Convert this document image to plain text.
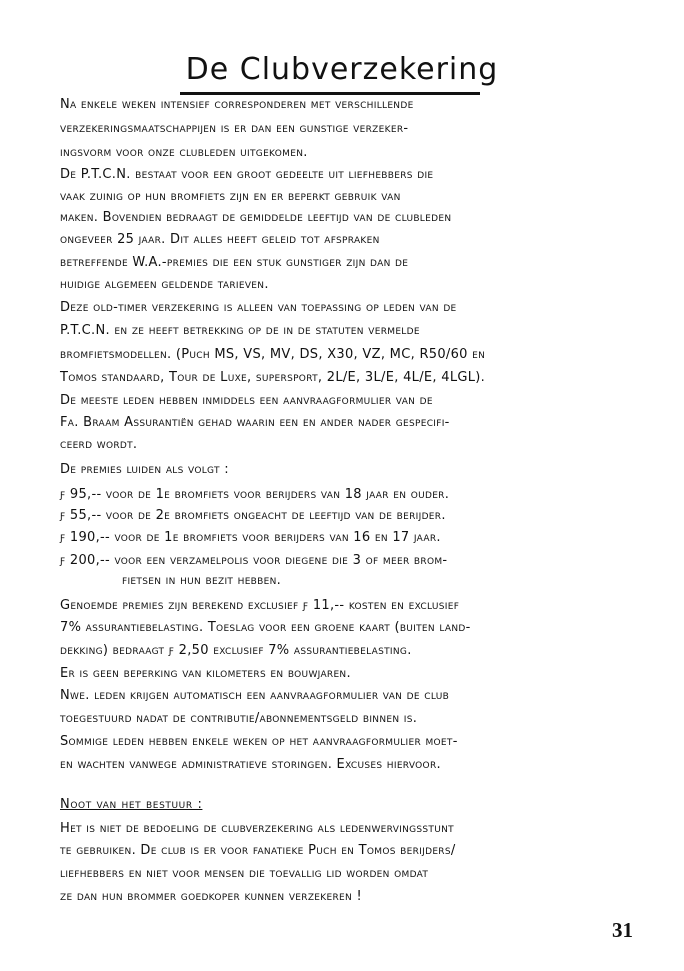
De Clubverzekering
Na enkele weken intensief corresponderen met verschillende
verzekeringsmaatschappijen is er dan een gunstige verzeker-
ingsvorm voor onze clubleden uitgekomen.
De P.T.C.N. bestaat voor een groot gedeelte uit liefhebbers die
vaak zuinig op hun bromfiets zijn en er beperkt gebruik van
maken. Bovendien bedraagt de gemiddelde leeftijd van de clubleden
ongeveer 25 jaar. Dit alles heeft geleid tot afspraken
betreffende W.A.-premies die een stuk gunstiger zijn dan de
huidige algemeen geldende tarieven.
Deze old-timer verzekering is alleen van toepassing op leden van de
P.T.C.N. en ze heeft betrekking op de in de statuten vermelde
bromfietsmodellen. (Puch MS, VS, MV, DS, X30, VZ, MC, R50/60 en
Tomos standaard, Tour de Luxe, supersport, 2L/E, 3L/E, 4L/E, 4LGL).
De meeste leden hebben inmiddels een aanvraagformulier van de
Fa. Braam Assurantiën gehad waarin een en ander nader gespecifi-
ceerd wordt.
De premies luiden als volgt :
ƒ 95,-- voor de 1e bromfiets voor berijders van 18 jaar en ouder.
ƒ 55,-- voor de 2e bromfiets ongeacht de leeftijd van de berijder.
ƒ 190,-- voor de 1e bromfiets voor berijders van 16 en 17 jaar.
ƒ 200,-- voor een verzamelpolis voor diegene die 3 of meer brom-
fietsen in hun bezit hebben.
Genoemde premies zijn berekend exclusief ƒ 11,-- kosten en exclusief
7% assurantiebelasting. Toeslag voor een groene kaart (buiten land-
dekking) bedraagt ƒ 2,50 exclusief 7% assurantiebelasting.
Er is geen beperking van kilometers en bouwjaren.
Nwe. leden krijgen automatisch een aanvraagformulier van de club
toegestuurd nadat de contributie/abonnementsgeld binnen is.
Sommige leden hebben enkele weken op het aanvraagformulier moet-
en wachten vanwege administratieve storingen. Excuses hiervoor.
Noot van het bestuur :
Het is niet de bedoeling de clubverzekering als ledenwervingsstunt
te gebruiken. De club is er voor fanatieke Puch en Tomos berijders/
liefhebbers en niet voor mensen die toevallig lid worden omdat
ze dan hun brommer goedkoper kunnen verzekeren !
31
